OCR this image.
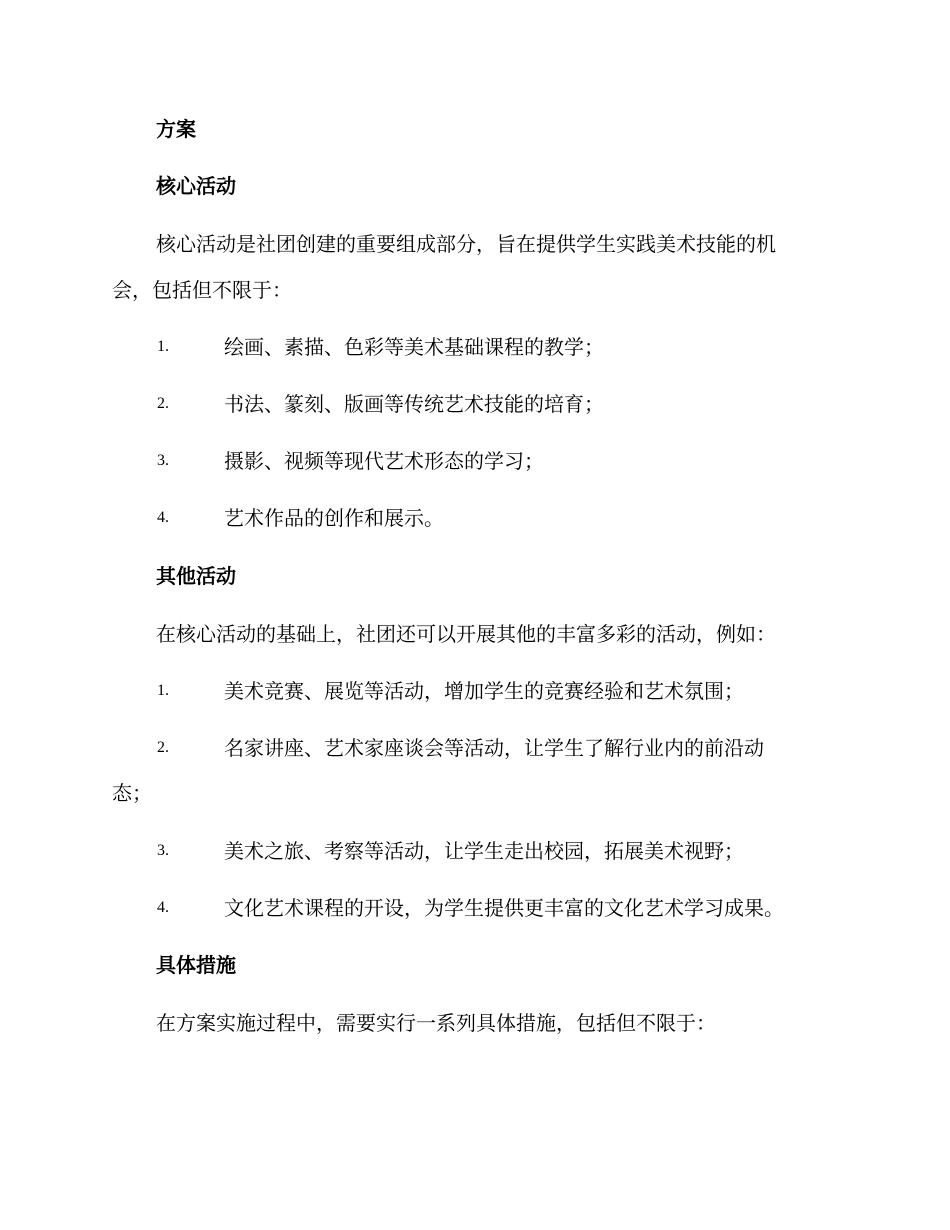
方案
核心活动
核心活动是社团创建的重要组成部分，旨在提供学生实践美术技能的机
会，包括但不限于：
1.	绘画、素描、色彩等美术基础课程的教学；
2.	书法、篆刻、版画等传统艺术技能的培育；
3.	摄影、视频等现代艺术形态的学习；
4.	艺术作品的创作和展示。
其他活动
在核心活动的基础上，社团还可以开展其他的丰富多彩的活动，例如：
1.	美术竞赛、展览等活动，增加学生的竞赛经验和艺术氛围；
2.	名家讲座、艺术家座谈会等活动，让学生了解行业内的前沿动
态；
3.	美术之旅、考察等活动，让学生走出校园，拓展美术视野；
4.	文化艺术课程的开设，为学生提供更丰富的文化艺术学习成果。
具体措施
在方案实施过程中，需要实行一系列具体措施，包括但不限于：
